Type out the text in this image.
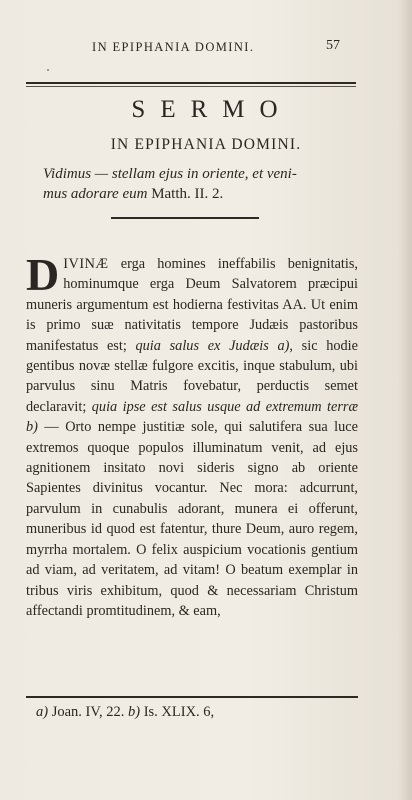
IN EPIPHANIA DOMINI.	57
SERMO
IN EPIPHANIA DOMINI.
Vidimus — stellam ejus in oriente, et veni-
mus adorare eum Matth. II. 2.
DIVINÆ erga homines ineffabilis benignitatis, hominumque erga Deum Salvatorem præcipui muneris argumentum est hodierna festivitas AA. Ut enim is primo suæ nativitatis tempore Judæis pastoribus manifestatus est; quia salus ex Judæis a), sic hodie gentibus novæ stellæ fulgore excitis, inque stabulum, ubi parvulus sinu Matris fovebatur, perductis semet declaravit; quia ipse est salus usque ad extremum terræ b) — Orto nempe justitiæ sole, qui salutifera sua luce extremos quoque populos illuminatum venit, ad ejus agnitionem insitato novi sideris signo ab oriente Sapientes divinitus vocantur. Nec mora: adcurrunt, parvulum in cunabulis adorant, munera ei offerunt, muneribus id quod est fatentur, thure Deum, auro regem, myrrha mortalem. O felix auspicium vocationis gentium ad viam, ad veritatem, ad vitam! O beatum exemplar in tribus viris exhibitum, quod & necessariam Christum affectandi promtitudinem, & eam,
a) Joan. IV, 22. b) Is. XLIX. 6,
